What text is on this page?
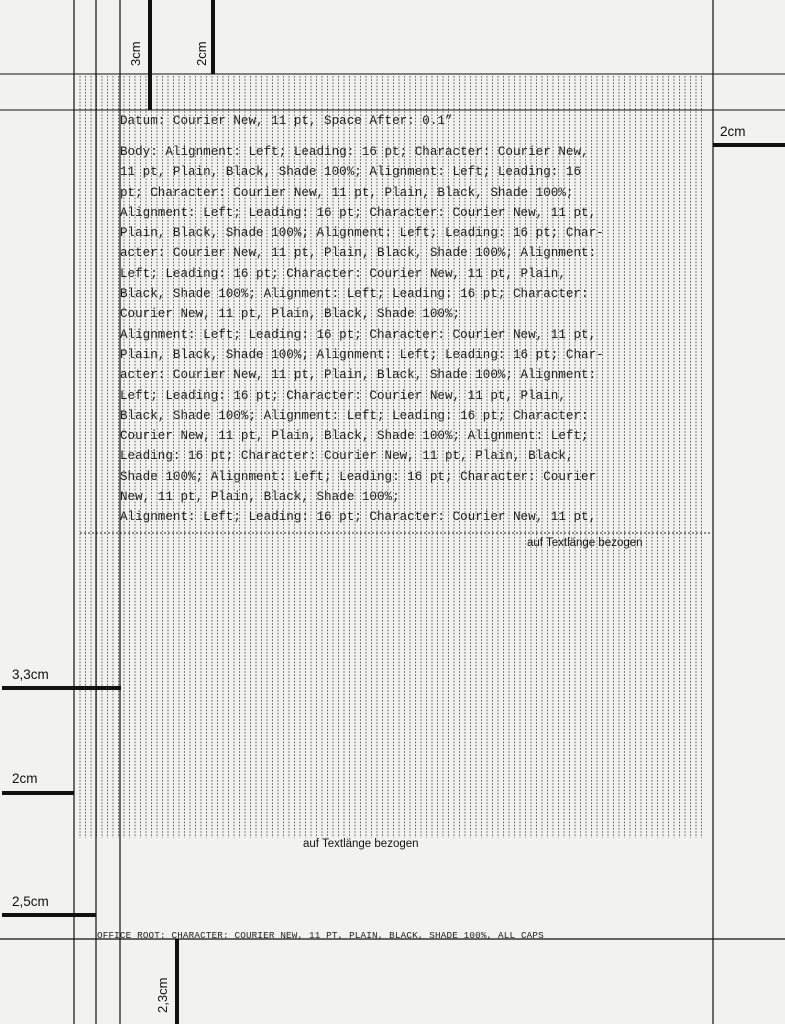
Datum: Courier New, 11 pt, Space After: 0.1”
Body: Alignment: Left; Leading: 16 pt; Character: Courier New,
11 pt, Plain, Black, Shade 100%; Alignment: Left; Leading: 16
pt; Character: Courier New, 11 pt, Plain, Black, Shade 100%;
Alignment: Left; Leading: 16 pt; Character: Courier New, 11 pt,
Plain, Black, Shade 100%; Alignment: Left; Leading: 16 pt; Char-
acter: Courier New, 11 pt, Plain, Black, Shade 100%; Alignment:
Left; Leading: 16 pt; Character: Courier New, 11 pt, Plain,
Black, Shade 100%; Alignment: Left; Leading: 16 pt; Character:
Courier New, 11 pt, Plain, Black, Shade 100%;
Alignment: Left; Leading: 16 pt; Character: Courier New, 11 pt,
Plain, Black, Shade 100%; Alignment: Left; Leading: 16 pt; Char-
acter: Courier New, 11 pt, Plain, Black, Shade 100%; Alignment:
Left; Leading: 16 pt; Character: Courier New, 11 pt, Plain,
Black, Shade 100%; Alignment: Left; Leading: 16 pt; Character:
Courier New, 11 pt, Plain, Black, Shade 100%; Alignment: Left;
Leading: 16 pt; Character: Courier New, 11 pt, Plain, Black,
Shade 100%; Alignment: Left; Leading: 16 pt; Character: Courier
New, 11 pt, Plain, Black, Shade 100%;
Alignment: Left; Leading: 16 pt; Character: Courier New, 11 pt,
OFFICE ROOT: CHARACTER: COURIER NEW, 11 PT, PLAIN, BLACK, SHADE 100%, ALL CAPS
3cm	2cm
2cm
3,3cm
2cm
2,5cm
2,3cm
auf Textlänge bezogen
auf Textlänge bezogen
